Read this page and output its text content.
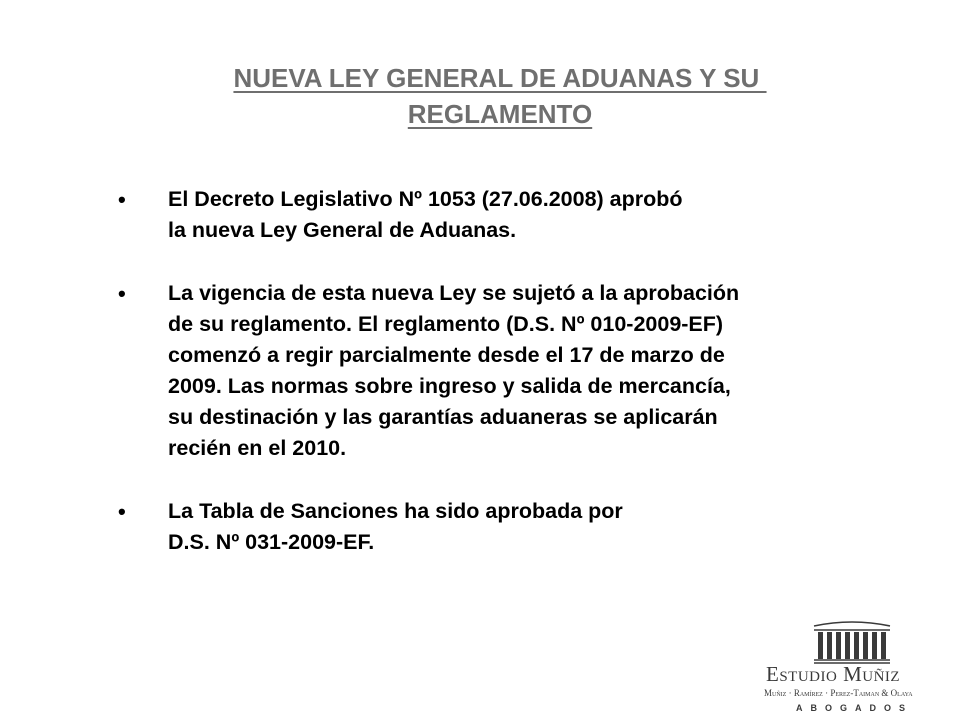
NUEVA LEY GENERAL DE ADUANAS Y SU
REGLAMENTO
• El Decreto Legislativo Nº 1053 (27.06.2008) aprobó
la nueva Ley General de Aduanas.
• La vigencia de esta nueva Ley se sujetó a la aprobación
de su reglamento. El reglamento (D.S. Nº 010-2009-EF)
comenzó a regir parcialmente desde el 17 de marzo de
2009. Las normas sobre ingreso y salida de mercancía,
su destinación y las garantías aduaneras se aplicarán
recién en el 2010.
• La Tabla de Sanciones ha sido aprobada por
D.S. Nº 031-2009-EF.
Estudio Muñiz
Muñiz · Ramírez · Perez-Taiman & Olaya
ABOGADOS
